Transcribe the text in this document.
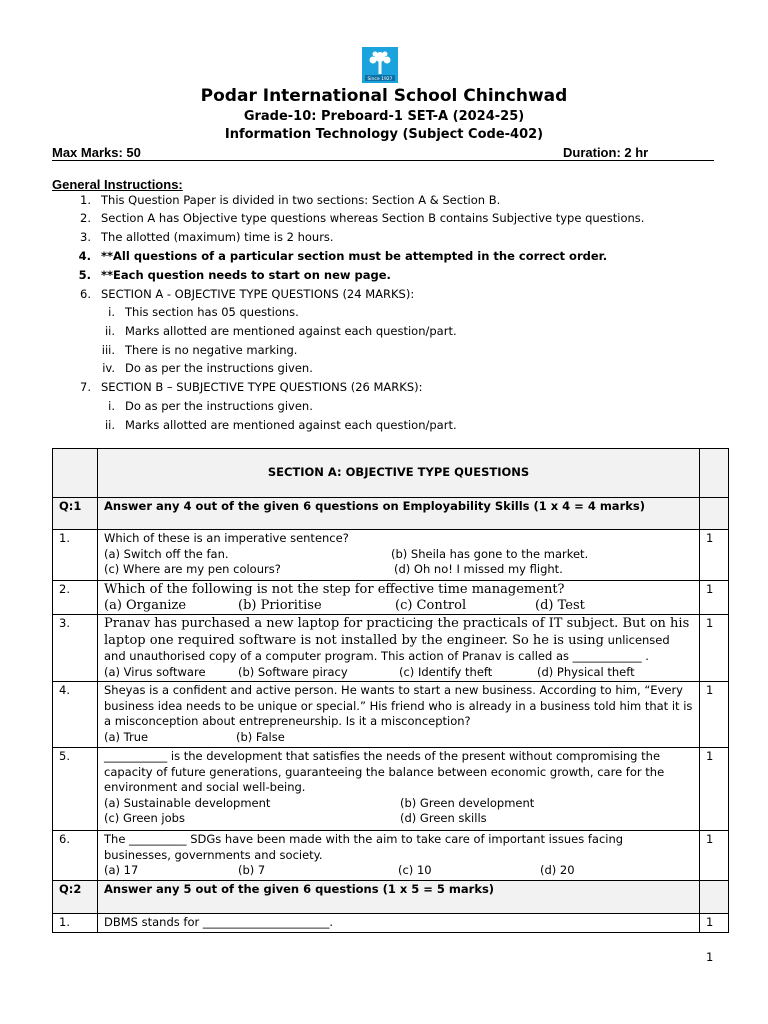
Since 1927
Podar International School Chinchwad
Grade-10: Preboard-1 SET-A (2024-25)
Information Technology (Subject Code-402)
Max Marks: 50	Duration: 2 hr
General Instructions:
1. This Question Paper is divided in two sections: Section A & Section B.
2. Section A has Objective type questions whereas Section B contains Subjective type questions.
3. The allotted (maximum) time is 2 hours.
4. **All questions of a particular section must be attempted in the correct order.
5. **Each question needs to start on new page.
6. SECTION A - OBJECTIVE TYPE QUESTIONS (24 MARKS):
i. This section has 05 questions.
ii. Marks allotted are mentioned against each question/part.
iii. There is no negative marking.
iv. Do as per the instructions given.
7. SECTION B – SUBJECTIVE TYPE QUESTIONS (26 MARKS):
i. Do as per the instructions given.
ii. Marks allotted are mentioned against each question/part.
	SECTION A: OBJECTIVE TYPE QUESTIONS	
Q:1	Answer any 4 out of the given 6 questions on Employability Skills (1 x 4 = 4 marks)	
1.	Which of these is an imperative sentence?
(a) Switch off the fan. (b) Sheila has gone to the market.
(c) Where are my pen colours? (d) Oh no! I missed my flight.	1
2.	Which of the following is not the step for effective time management?
(a) Organize (b) Prioritise (c) Control (d) Test	1
3.	Pranav has purchased a new laptop for practicing the practicals of IT subject. But on his laptop one required software is not installed by the engineer. So he is using unlicensed and unauthorised copy of a computer program. This action of Pranav is called as ____________ .
(a) Virus software (b) Software piracy (c) Identify theft (d) Physical theft	1
4.	Sheyas is a confident and active person. He wants to start a new business. According to him, “Every business idea needs to be unique or special.” His friend who is already in a business told him that it is a misconception about entrepreneurship. Is it a misconception?
(a) True (b) False	1
5.	___________ is the development that satisfies the needs of the present without compromising the capacity of future generations, guaranteeing the balance between economic growth, care for the environment and social well-being.
(a) Sustainable development (b) Green development
(c) Green jobs (d) Green skills	1
6.	The __________ SDGs have been made with the aim to take care of important issues facing businesses, governments and society.
(a) 17 (b) 7 (c) 10 (d) 20	1
Q:2	Answer any 5 out of the given 6 questions (1 x 5 = 5 marks)	
1.	DBMS stands for ______________________.	1
1
